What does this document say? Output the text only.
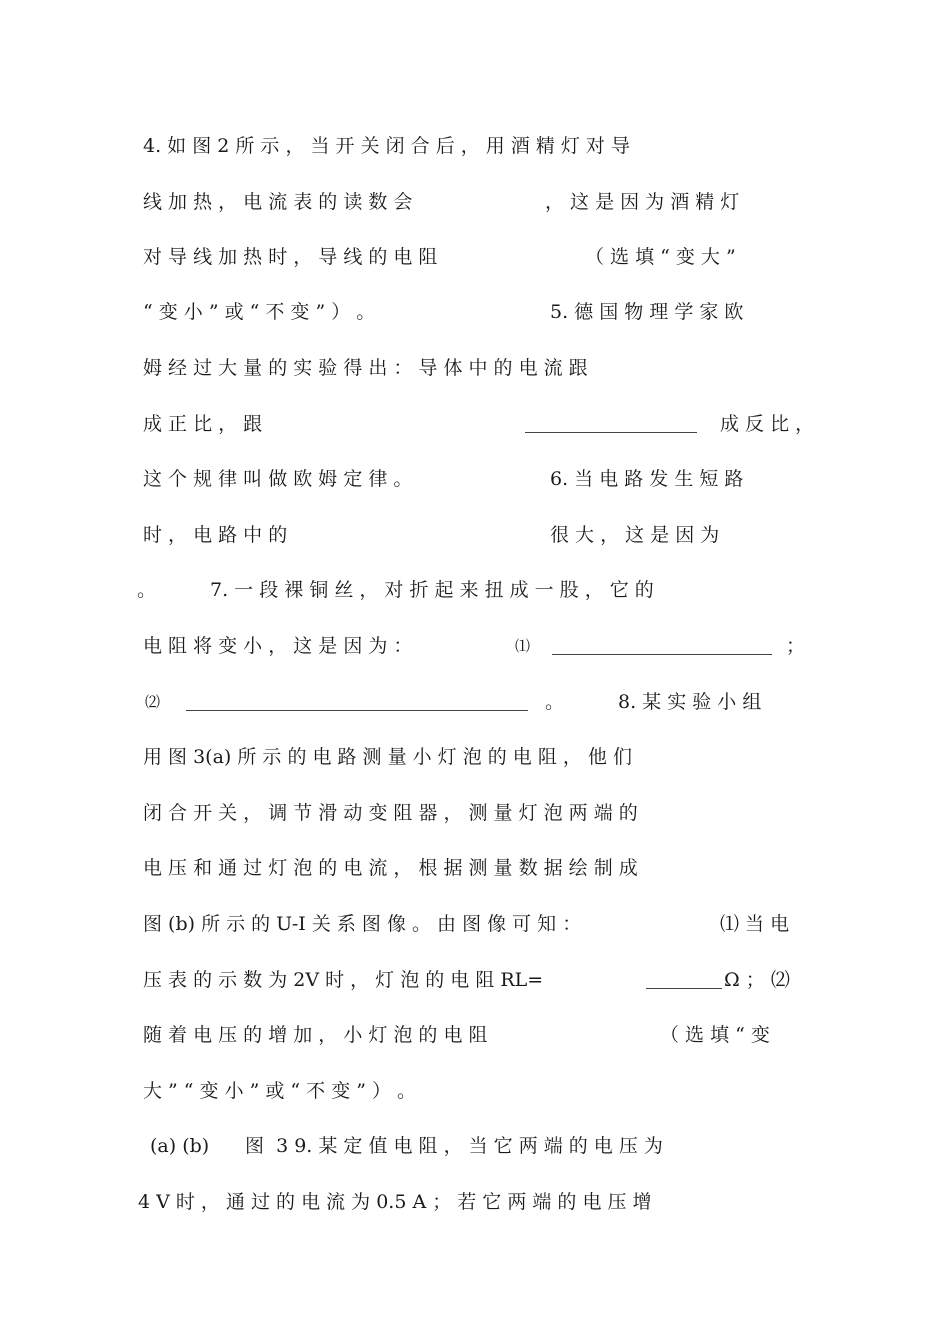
4. 如 图 2 所 示 ， 当 开 关 闭 合 后 ， 用 酒 精 灯 对 导
线 加 热 ， 电 流 表 的 读 数 会	， 这 是 因 为 酒 精 灯
对 导 线 加 热 时 ， 导 线 的 电 阻	（ 选 填 “ 变 大 ”
“ 变 小 ” 或 “ 不 变 ” ） 。	5. 德 国 物 理 学 家 欧
姆 经 过 大 量 的 实 验 得 出 ： 导 体 中 的 电 流 跟
成 正 比 ， 跟	成 反 比 ，
这 个 规 律 叫 做 欧 姆 定 律 。	6. 当 电 路 发 生 短 路
时 ， 电 路 中 的	很 大 ， 这 是 因 为
。	7. 一 段 裸 铜 丝 ， 对 折 起 来 扭 成 一 股 ， 它 的
电 阻 将 变 小 ， 这 是 因 为 ：	⑴	；
⑵	。	8. 某 实 验 小 组
用 图 3(a) 所 示 的 电 路 测 量 小 灯 泡 的 电 阻 ， 他 们
闭 合 开 关 ， 调 节 滑 动 变 阻 器 ， 测 量 灯 泡 两 端 的
电 压 和 通 过 灯 泡 的 电 流 ， 根 据 测 量 数 据 绘 制 成
图 (b) 所 示 的 U-I 关 系 图 像 。 由 图 像 可 知 ：	⑴ 当 电
压 表 的 示 数 为 2V 时 ， 灯 泡 的 电 阻 RL=	Ω ； ⑵
随 着 电 压 的 增 加 ， 小 灯 泡 的 电 阻	（ 选 填 “ 变
大 ” “ 变 小 ” 或 “ 不 变 ” ） 。
(a) (b) 图  3 9. 某 定 值 电 阻 ， 当 它 两 端 的 电 压 为
4 V 时 ， 通 过 的 电 流 为 0.5 A ； 若 它 两 端 的 电 压 增
